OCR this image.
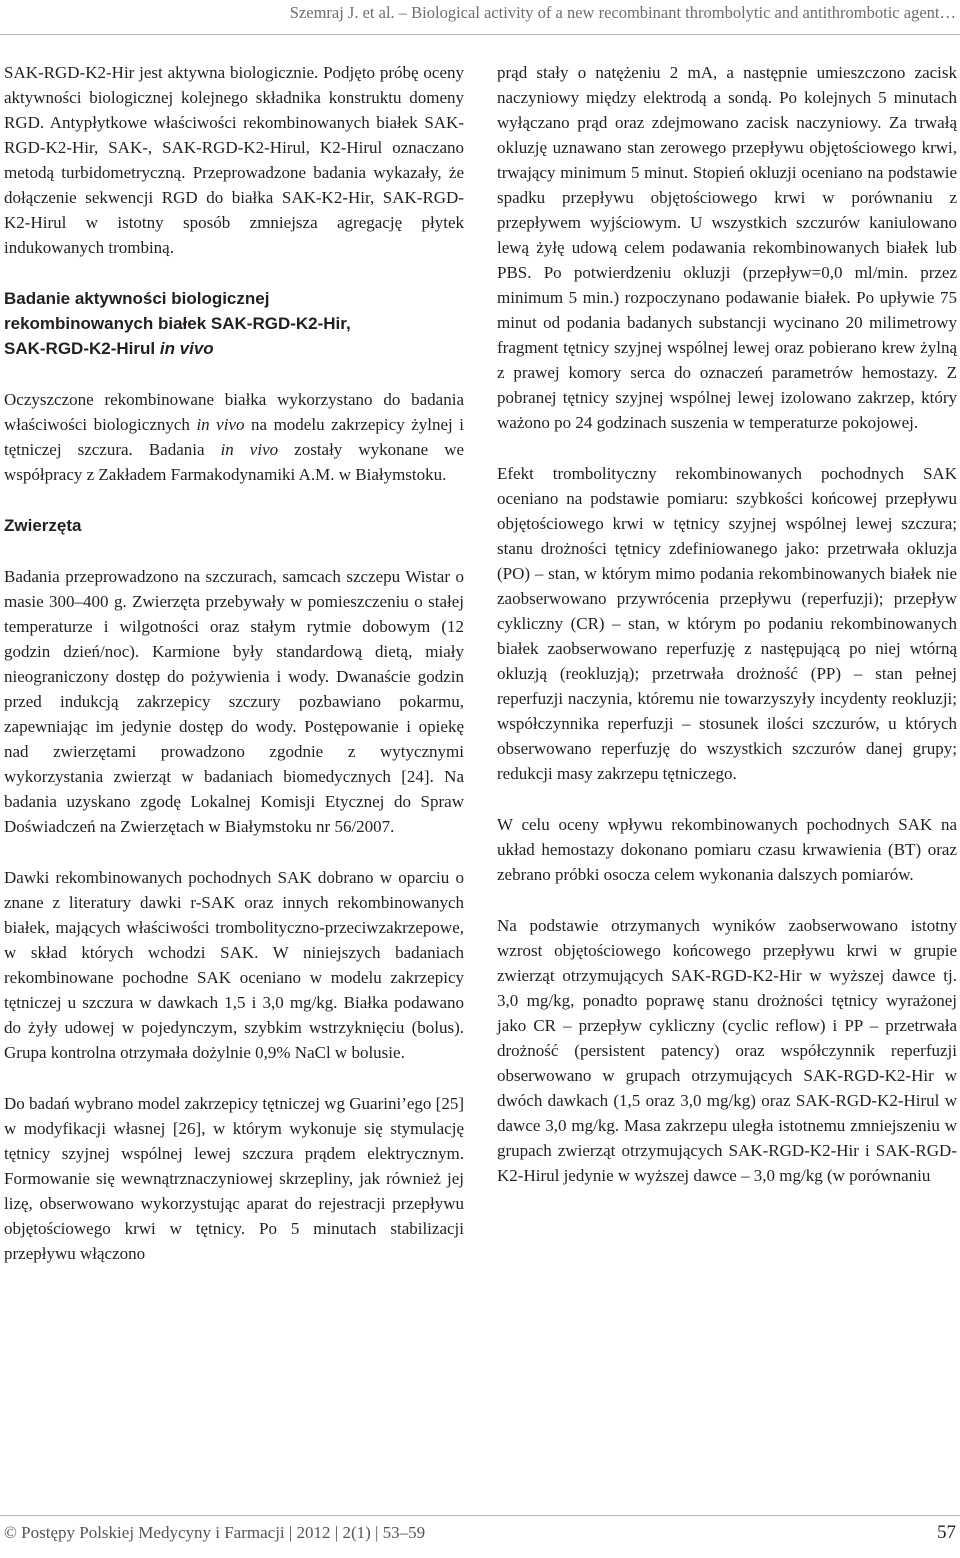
Szemraj J. et al. – Biological activity of a new recombinant thrombolytic and antithrombotic agent…

SAK-RGD-K2-Hir jest aktywna biologicznie. Podjęto próbę oceny aktywności biologicznej kolejnego składnika konstruktu domeny RGD. Antypłytkowe właściwości rekombinowanych białek SAK-RGD-K2-Hir, SAK-, SAK-RGD-K2-Hirul, K2-Hirul oznaczano metodą turbidometryczną. Przeprowadzone badania wykazały, że dołączenie sekwencji RGD do białka SAK-K2-Hir, SAK-RGD-K2-Hirul w istotny sposób zmniejsza agregację płytek indukowanych trombiną.

Badanie aktywności biologicznej
rekombinowanych białek SAK-RGD-K2-Hir,
SAK-RGD-K2-Hirul in vivo

Oczyszczone rekombinowane białka wykorzystano do badania właściwości biologicznych in vivo na modelu zakrzepicy żylnej i tętniczej szczura. Badania in vivo zostały wykonane we współpracy z Zakładem Farmakodynamiki A.M. w Białymstoku.

Zwierzęta

Badania przeprowadzono na szczurach, samcach szczepu Wistar o masie 300–400 g. Zwierzęta przebywały w pomieszczeniu o stałej temperaturze i wilgotności oraz stałym rytmie dobowym (12 godzin dzień/noc). Karmione były standardową dietą, miały nieograniczony dostęp do pożywienia i wody. Dwanaście godzin przed indukcją zakrzepicy szczury pozbawiano pokarmu, zapewniając im jedynie dostęp do wody. Postępowanie i opiekę nad zwierzętami prowadzono zgodnie z wytycznymi wykorzystania zwierząt w badaniach biomedycznych [24]. Na badania uzyskano zgodę Lokalnej Komisji Etycznej do Spraw Doświadczeń na Zwierzętach w Białymstoku nr 56/2007.

Dawki rekombinowanych pochodnych SAK dobrano w oparciu o znane z literatury dawki r-SAK oraz innych rekombinowanych białek, mających właściwości trombolityczno-przeciwzakrzepowe, w skład których wchodzi SAK. W niniejszych badaniach rekombinowane pochodne SAK oceniano w modelu zakrzepicy tętniczej u szczura w dawkach 1,5 i 3,0 mg/kg. Białka podawano do żyły udowej w pojedynczym, szybkim wstrzyknięciu (bolus). Grupa kontrolna otrzymała dożylnie 0,9% NaCl w bolusie.

Do badań wybrano model zakrzepicy tętniczej wg Guarini’ego [25] w modyfikacji własnej [26], w którym wykonuje się stymulację tętnicy szyjnej wspólnej lewej szczura prądem elektrycznym. Formowanie się wewnątrznaczyniowej skrzepliny, jak również jej lizę, obserwowano wykorzystując aparat do rejestracji przepływu objętościowego krwi w tętnicy. Po 5 minutach stabilizacji przepływu włączono

prąd stały o natężeniu 2 mA, a następnie umieszczono zacisk naczyniowy między elektrodą a sondą. Po kolejnych 5 minutach wyłączano prąd oraz zdejmowano zacisk naczyniowy. Za trwałą okluzję uznawano stan zerowego przepływu objętościowego krwi, trwający minimum 5 minut. Stopień okluzji oceniano na podstawie spadku przepływu objętościowego krwi w porównaniu z przepływem wyjściowym. U wszystkich szczurów kaniulowano lewą żyłę udową celem podawania rekombinowanych białek lub PBS. Po potwierdzeniu okluzji (przepływ=0,0 ml/min. przez minimum 5 min.) rozpoczynano podawanie białek. Po upływie 75 minut od podania badanych substancji wycinano 20 milimetrowy fragment tętnicy szyjnej wspólnej lewej oraz pobierano krew żylną z prawej komory serca do oznaczeń parametrów hemostazy. Z pobranej tętnicy szyjnej wspólnej lewej izolowano zakrzep, który ważono po 24 godzinach suszenia w temperaturze pokojowej.

Efekt trombolityczny rekombinowanych pochodnych SAK oceniano na podstawie pomiaru: szybkości końcowej przepływu objętościowego krwi w tętnicy szyjnej wspólnej lewej szczura; stanu drożności tętnicy zdefiniowanego jako: przetrwała okluzja (PO) – stan, w którym mimo podania rekombinowanych białek nie zaobserwowano przywrócenia przepływu (reperfuzji); przepływ cykliczny (CR) – stan, w którym po podaniu rekombinowanych białek zaobserwowano reperfuzję z następującą po niej wtórną okluzją (reokluzją); przetrwała drożność (PP) – stan pełnej reperfuzji naczynia, któremu nie towarzyszyły incydenty reokluzji; współczynnika reperfuzji – stosunek ilości szczurów, u których obserwowano reperfuzję do wszystkich szczurów danej grupy; redukcji masy zakrzepu tętniczego.

W celu oceny wpływu rekombinowanych pochodnych SAK na układ hemostazy dokonano pomiaru czasu krwawienia (BT) oraz zebrano próbki osocza celem wykonania dalszych pomiarów.

Na podstawie otrzymanych wyników zaobserwowano istotny wzrost objętościowego końcowego przepływu krwi w grupie zwierząt otrzymujących SAK-RGD-K2-Hir w wyższej dawce tj. 3,0 mg/kg, ponadto poprawę stanu drożności tętnicy wyrażonej jako CR – przepływ cykliczny (cyclic reflow) i PP – przetrwała drożność (persistent patency) oraz współczynnik reperfuzji obserwowano w grupach otrzymujących SAK-RGD-K2-Hir w dwóch dawkach (1,5 oraz 3,0 mg/kg) oraz SAK-RGD-K2-Hirul w dawce 3,0 mg/kg. Masa zakrzepu uległa istotnemu zmniejszeniu w grupach zwierząt otrzymujących SAK-RGD-K2-Hir i SAK-RGD-K2-Hirul jedynie w wyższej dawce – 3,0 mg/kg (w porównaniu

© Postępy Polskiej Medycyny i Farmacji | 2012 | 2(1) | 53–59	57
